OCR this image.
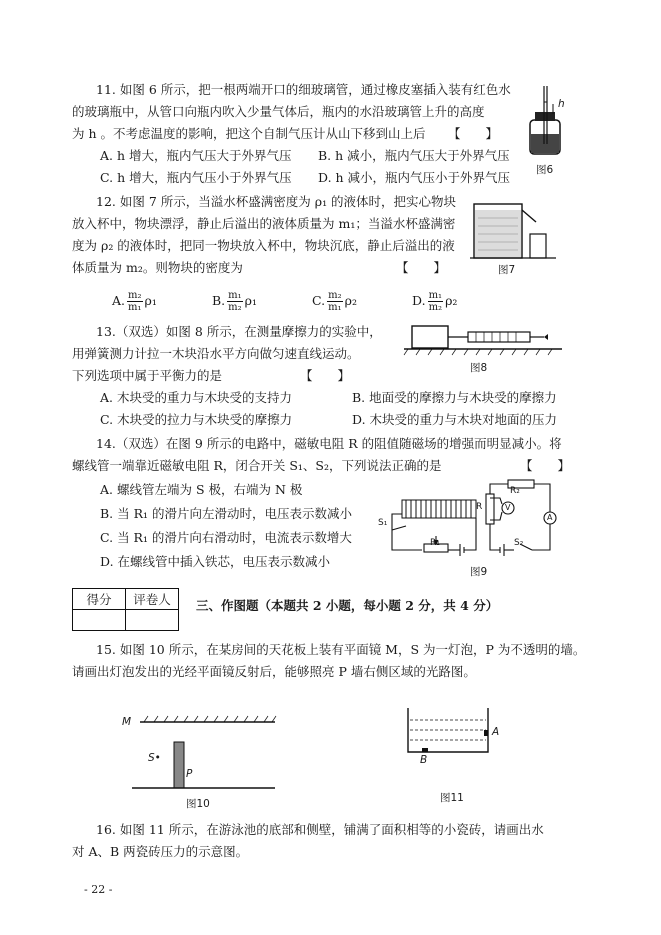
11. 如图 6 所示，把一根两端开口的细玻璃管，通过橡皮塞插入装有红色水
的玻璃瓶中，从管口向瓶内吹入少量气体后，瓶内的水沿玻璃管上升的高度
为 h 。不考虑温度的影响，把这个自制气压计从山下移到山上后 【　　】
A. h 增大，瓶内气压大于外界气压 B. h 减小，瓶内气压大于外界气压
C. h 增大，瓶内气压小于外界气压 D. h 减小，瓶内气压小于外界气压
h
图6
12. 如图 7 所示，当溢水杯盛满密度为 ρ₁ 的液体时，把实心物块
放入杯中，物块漂浮，静止后溢出的液体质量为 m₁；当溢水杯盛满密
度为 ρ₂ 的液体时，把同一物块放入杯中，物块沉底，静止后溢出的液
体质量为 m₂。则物块的密度为	【　　】	图7
A. $\frac{\text{m₂}}{\text{m₁}} \rho_1$	B. $\frac{\text{m₁}}{\text{m₂}} \rho_1$	C. $\frac{\text{m₂}}{\text{m₁}} \rho_2$	D. $\frac{\text{m₁}}{\text{m₂}} \rho_2$
13.（双选）如图 8 所示，在测量摩擦力的实验中，
用弹簧测力计拉一木块沿水平方向做匀速直线运动。
下列选项中属于平衡力的是	【　　】	图8
A. 木块受的重力与木块受的支持力	B. 地面受的摩擦力与木块受的摩擦力
C. 木块受的拉力与木块受的摩擦力	D. 木块受的重力与木块对地面的压力
14.（双选）在图 9 所示的电路中，磁敏电阻 R 的阻值随磁场的增强而明显减小。将
螺线管一端靠近磁敏电阻 R，闭合开关 S₁、S₂，下列说法正确的是	【　　】
A. 螺线管左端为 S 极，右端为 N 极
B. 当 R₁ 的滑片向左滑动时，电压表示数减小
C. 当 R₁ 的滑片向右滑动时，电流表示数增大
D. 在螺线管中插入铁芯，电压表示数减小
R₂
R	V
A
S₁
R₁	S₂
图9
得分	评卷人
	三、作图题（本题共 2 小题，每小题 2 分，共 4 分）
15. 如图 10 所示，在某房间的天花板上装有平面镜 M，S 为一灯泡，P 为不透明的墙。
请画出灯泡发出的光经平面镜反射后，能够照亮 P 墙右侧区域的光路图。
M
S•
P
图10
A
B
图11
16. 如图 11 所示，在游泳池的底部和侧壁，铺满了面积相等的小瓷砖，请画出水
对 A、B 两瓷砖压力的示意图。
- 22 -
